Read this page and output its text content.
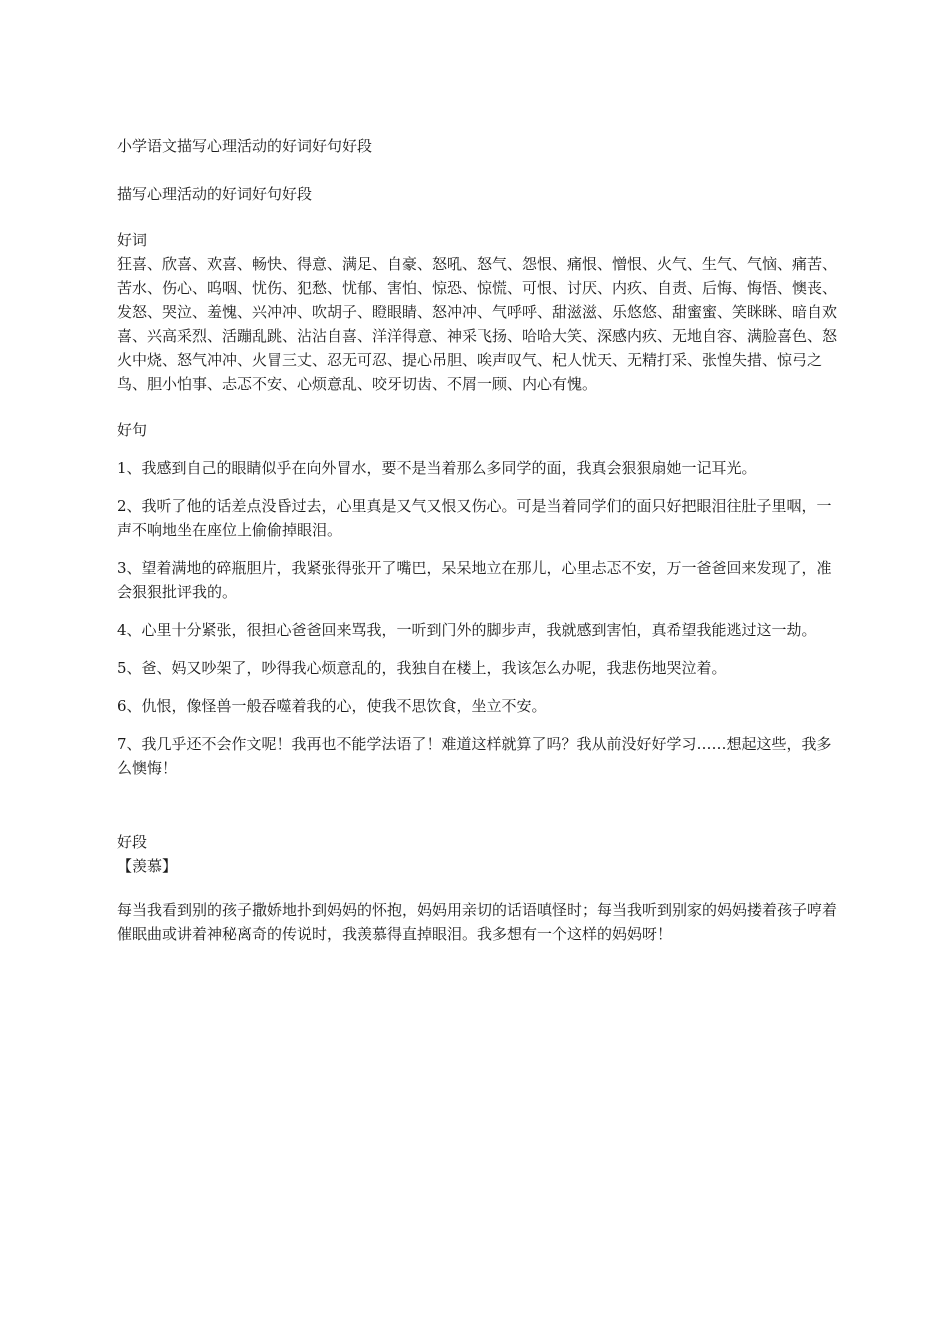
小学语文描写心理活动的好词好句好段

描写心理活动的好词好句好段

好词

狂喜、欣喜、欢喜、畅快、得意、满足、自豪、怒吼、怒气、怨恨、痛恨、憎恨、火气、生气、气恼、痛苦、苦水、伤心、呜咽、忧伤、犯愁、忧郁、害怕、惊恐、惊慌、可恨、讨厌、内疚、自责、后悔、悔悟、懊丧、发怒、哭泣、羞愧、兴冲冲、吹胡子、瞪眼睛、怒冲冲、气呼呼、甜滋滋、乐悠悠、甜蜜蜜、笑眯眯、暗自欢喜、兴高采烈、活蹦乱跳、沾沾自喜、洋洋得意、神采飞扬、哈哈大笑、深感内疚、无地自容、满脸喜色、怒火中烧、怒气冲冲、火冒三丈、忍无可忍、提心吊胆、唉声叹气、杞人忧天、无精打采、张惶失措、惊弓之鸟、胆小怕事、忐忑不安、心烦意乱、咬牙切齿、不屑一顾、内心有愧。

好句

1、我感到自己的眼睛似乎在向外冒水，要不是当着那么多同学的面，我真会狠狠扇她一记耳光。

2、我听了他的话差点没昏过去，心里真是又气又恨又伤心。可是当着同学们的面只好把眼泪往肚子里咽，一声不响地坐在座位上偷偷掉眼泪。

3、望着满地的碎瓶胆片，我紧张得张开了嘴巴，呆呆地立在那儿，心里忐忑不安，万一爸爸回来发现了，准会狠狠批评我的。

4、心里十分紧张，很担心爸爸回来骂我，一听到门外的脚步声，我就感到害怕，真希望我能逃过这一劫。

5、爸、妈又吵架了，吵得我心烦意乱的，我独自在楼上，我该怎么办呢，我悲伤地哭泣着。

6、仇恨，像怪兽一般吞噬着我的心，使我不思饮食，坐立不安。

7、我几乎还不会作文呢！我再也不能学法语了！难道这样就算了吗？我从前没好好学习……想起这些，我多么懊悔！

好段

【羡慕】

每当我看到别的孩子撒娇地扑到妈妈的怀抱，妈妈用亲切的话语嗔怪时；每当我听到别家的妈妈搂着孩子哼着催眠曲或讲着神秘离奇的传说时，我羡慕得直掉眼泪。我多想有一个这样的妈妈呀！
